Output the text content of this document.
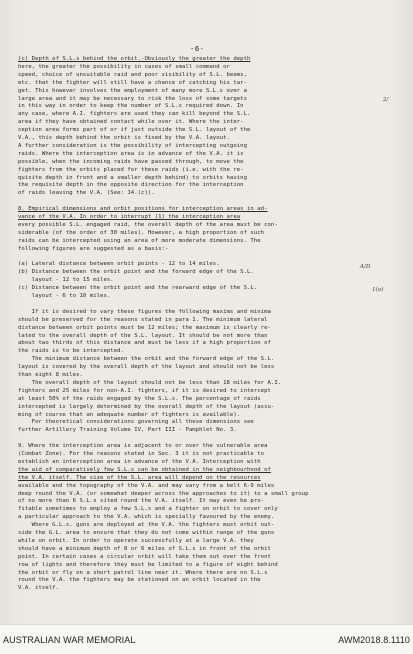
-6-
(c) Depth of S.L.s behind the orbit.-Obviously the greater the depth
here, the greater the possibility in cases of small command or
speed, choice of unsuitable raid and poor visibility of S.L. beams,
etc. that the fighter will still have a chance of catching his tar-
get. This however involves the employment of many more S.L.s over a
large area and it may be necessary to risk the loss of some targets
in this way in order to keep the number of S.L.s required down. In
any case, where A.I. fighters are used they can kill beyond the S.L.
area if they have obtained contact while over it. Where the inter-
ception area forms part of or if just outside the S.L. layout of the
V.A., this depth behind the orbit is fixed by the V.A. layout.
A further consideration is the possibility of intercepting outgoing
raids. Where the interception area is in advance of the V.A. it is
possible, when the incoming raids have passed through, to move the
fighters from the orbits placed for these raids (i.e. with the re-
quisite depth in front and a smaller depth behind) to orbits having
the requisite depth in the opposite direction for the interception
of raids leaving the V.A. (See: 14.(c)).
8. Empirical dimensions and orbit positions for interception areas in ad-
vance of the V.A. In order to interrupt (1) the interception area
every possible S.L. engaged raid, the overall depth of the area must be con-
siderable (of the order of 30 miles). However, a high proportion of such
raids can be intercepted using an area of more moderate dimensions. The
following figures are suggested as a basis:-
(a) Lateral distance between orbit points - 12 to 14 miles.
(b) Distance between the orbit point and the forward edge of the S.L.
layout - 12 to 15 miles.
(c) Distance between the orbit point and the rearward edge of the S.L.
layout - 6 to 10 miles.
If it is desired to vary these figures the following maxims and minima
should be preserved for the reasons stated in para 1. The minimum lateral
distance between orbit points must be 12 miles; the maximum is clearly re-
lated to the overall depth of the S.L. layout. It should be not more than
about two thirds of this distance and must be less if a high proportion of
the raids is to be intercepted.
The minimum distance between the orbit and the forward edge of the S.L.
layout is covered by the overall depth of the layout and should not be less
than eight 8 miles.
The overall depth of the layout should not be less than 18 miles for A.I.
fighters and 25 miles for non-A.I. fighters, if it is desired to intercept
at least 50% of the raids engaged by the S.L.s. The percentage of raids
intercepted is largely determined by the overall depth of the layout (assu-
ming of course that an adequate number of fighters is available).
For theoretical considerations governing all these dimensions see
further Artillery Training Volume IV, Part III - Pamphlet No. 3.
9. Where the interception area is adjacent to or over the vulnerable area
(Combat Zone). For the reasons stated in Sec. 3 it is not practicable to
establish an interception area in advance of the V.A. Interception with
the aid of comparatively few S.L.s can be obtained in the neighbourhood of
the V.A. itself. The size of the S.L. area will depend on the resources
available and the topography of the V.A. and may vary from a belt 6-9 miles
deep round the V.A. (or somewhat deeper across the approaches to it) to a small group
of no more than 6 S.L.s sited round the V.A. itself. It may even be pro-
fitable sometimes to employ a few S.L.s and a fighter on orbit to cover only
a particular approach to the V.A. which is specially favoured by the enemy.
Where G.L.s. guns are deployed at the V.A. the fighters must orbit out-
side the G.L. area to ensure that they do not come within range of the guns
while on orbit. In order to operate successfully at a large V.A. they
should have a minimum depth of 8 or 6 miles of S.L.s in front of the orbit
point. In certain cases a circular orbit will take them out over the front
row of lights and therefore they must be limited to a figure of eight behind
the orbit or fly on a short patrol line near it. Where there are no S.L.s
round the V.A. the fighters may be stationed on an orbit located in the
V.A. itself.
2/
A/D
1(a)
AUSTRALIAN WAR MEMORIAL	AWM2018.8.1110
